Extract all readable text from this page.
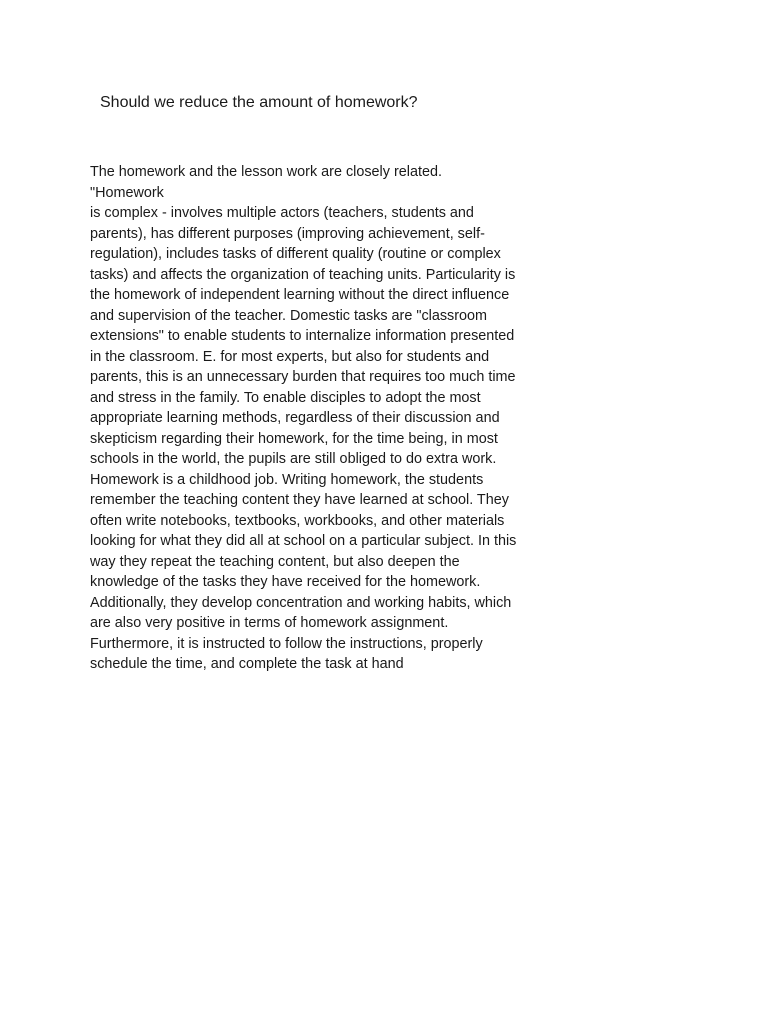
Should we reduce the amount of homework?
The homework and the lesson work are closely related.
"Homework
is complex - involves multiple actors (teachers, students and
parents), has different purposes (improving achievement, self-
regulation), includes tasks of different quality (routine or complex
tasks) and affects the organization of teaching units. Particularity is
the homework of independent learning without the direct influence
and supervision of the teacher. Domestic tasks are "classroom
extensions" to enable students to internalize information presented
in the classroom. E. for most experts, but also for students and
parents, this is an unnecessary burden that requires too much time
and stress in the family. To enable disciples to adopt the most
appropriate learning methods, regardless of their discussion and
skepticism regarding their homework, for the time being, in most
schools in the world, the pupils are still obliged to do extra work.
Homework is a childhood job. Writing homework, the students
remember the teaching content they have learned at school. They
often write notebooks, textbooks, workbooks, and other materials
looking for what they did all at school on a particular subject. In this
way they repeat the teaching content, but also deepen the
knowledge of the tasks they have received for the homework.
Additionally, they develop concentration and working habits, which
are also very positive in terms of homework assignment.
Furthermore, it is instructed to follow the instructions, properly
schedule the time, and complete the task at hand
